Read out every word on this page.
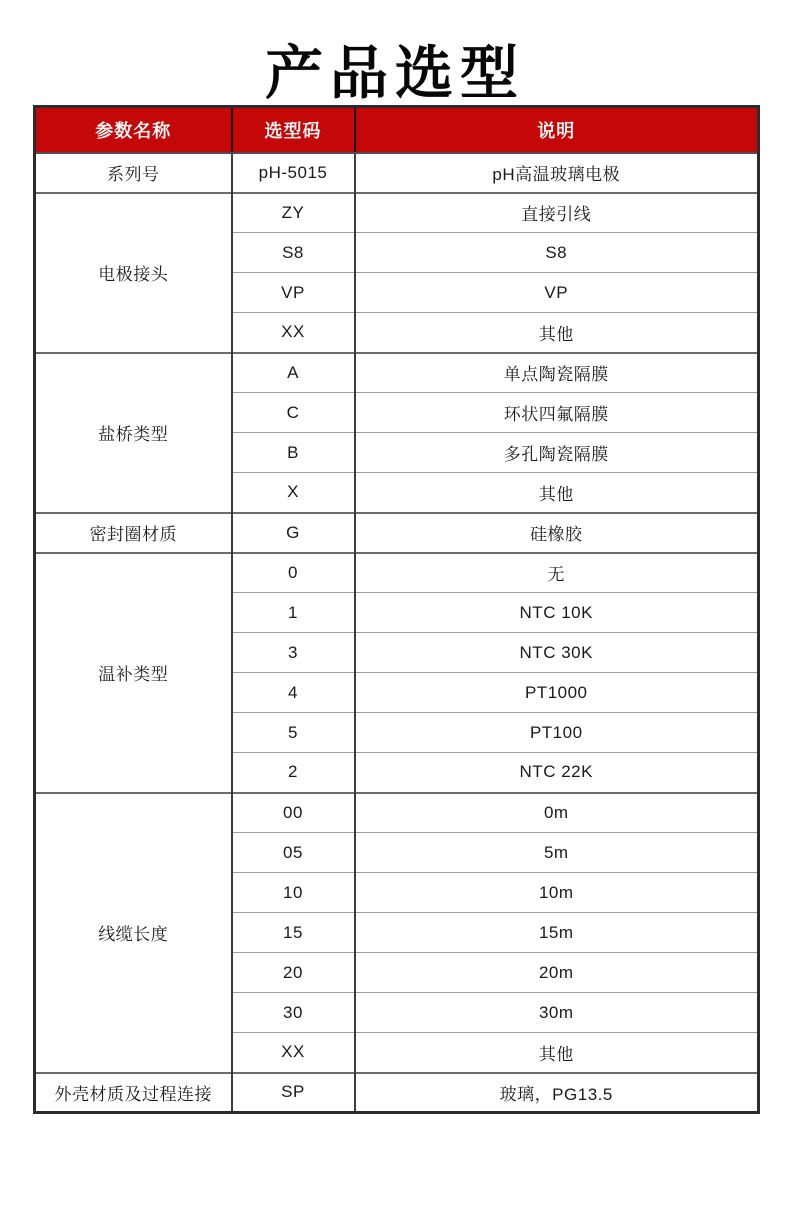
产品选型
参数名称	选型码	说明
系列号	pH-5015	pH高温玻璃电极
电极接头	ZY	直接引线
	S8	S8
	VP	VP
	XX	其他
盐桥类型	A	单点陶瓷隔膜
	C	环状四氟隔膜
	B	多孔陶瓷隔膜
	X	其他
密封圈材质	G	硅橡胶
温补类型	0	无
	1	NTC 10K
	3	NTC 30K
	4	PT1000
	5	PT100
	2	NTC 22K
线缆长度	00	0m
	05	5m
	10	10m
	15	15m
	20	20m
	30	30m
	XX	其他
外壳材质及过程连接	SP	玻璃，PG13.5
